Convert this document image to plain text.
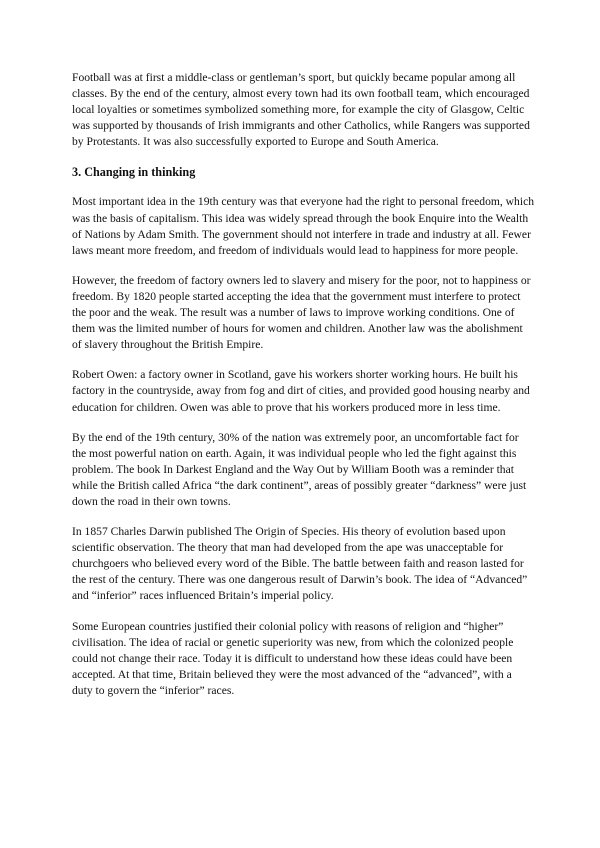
Football was at first a middle-class or gentleman’s sport, but quickly became popular among all classes. By the end of the century, almost every town had its own football team, which encouraged local loyalties or sometimes symbolized something more, for example the city of Glasgow, Celtic was supported by thousands of Irish immigrants and other Catholics, while Rangers was supported by Protestants. It was also successfully exported to Europe and South America.

3. Changing in thinking

Most important idea in the 19th century was that everyone had the right to personal freedom, which was the basis of capitalism. This idea was widely spread through the book Enquire into the Wealth of Nations by Adam Smith. The government should not interfere in trade and industry at all. Fewer laws meant more freedom, and freedom of individuals would lead to happiness for more people.

However, the freedom of factory owners led to slavery and misery for the poor, not to happiness or freedom. By 1820 people started accepting the idea that the government must interfere to protect the poor and the weak. The result was a number of laws to improve working conditions. One of them was the limited number of hours for women and children. Another law was the abolishment of slavery throughout the British Empire.

Robert Owen: a factory owner in Scotland, gave his workers shorter working hours. He built his factory in the countryside, away from fog and dirt of cities, and provided good housing nearby and education for children. Owen was able to prove that his workers produced more in less time.

By the end of the 19th century, 30% of the nation was extremely poor, an uncomfortable fact for the most powerful nation on earth. Again, it was individual people who led the fight against this problem. The book In Darkest England and the Way Out by William Booth was a reminder that while the British called Africa “the dark continent”, areas of possibly greater “darkness” were just down the road in their own towns.

In 1857 Charles Darwin published The Origin of Species. His theory of evolution based upon scientific observation. The theory that man had developed from the ape was unacceptable for churchgoers who believed every word of the Bible. The battle between faith and reason lasted for the rest of the century. There was one dangerous result of Darwin’s book. The idea of “Advanced” and “inferior” races influenced Britain’s imperial policy.

Some European countries justified their colonial policy with reasons of religion and “higher” civilisation. The idea of racial or genetic superiority was new, from which the colonized people could not change their race. Today it is difficult to understand how these ideas could have been accepted. At that time, Britain believed they were the most advanced of the “advanced”, with a duty to govern the “inferior” races.
